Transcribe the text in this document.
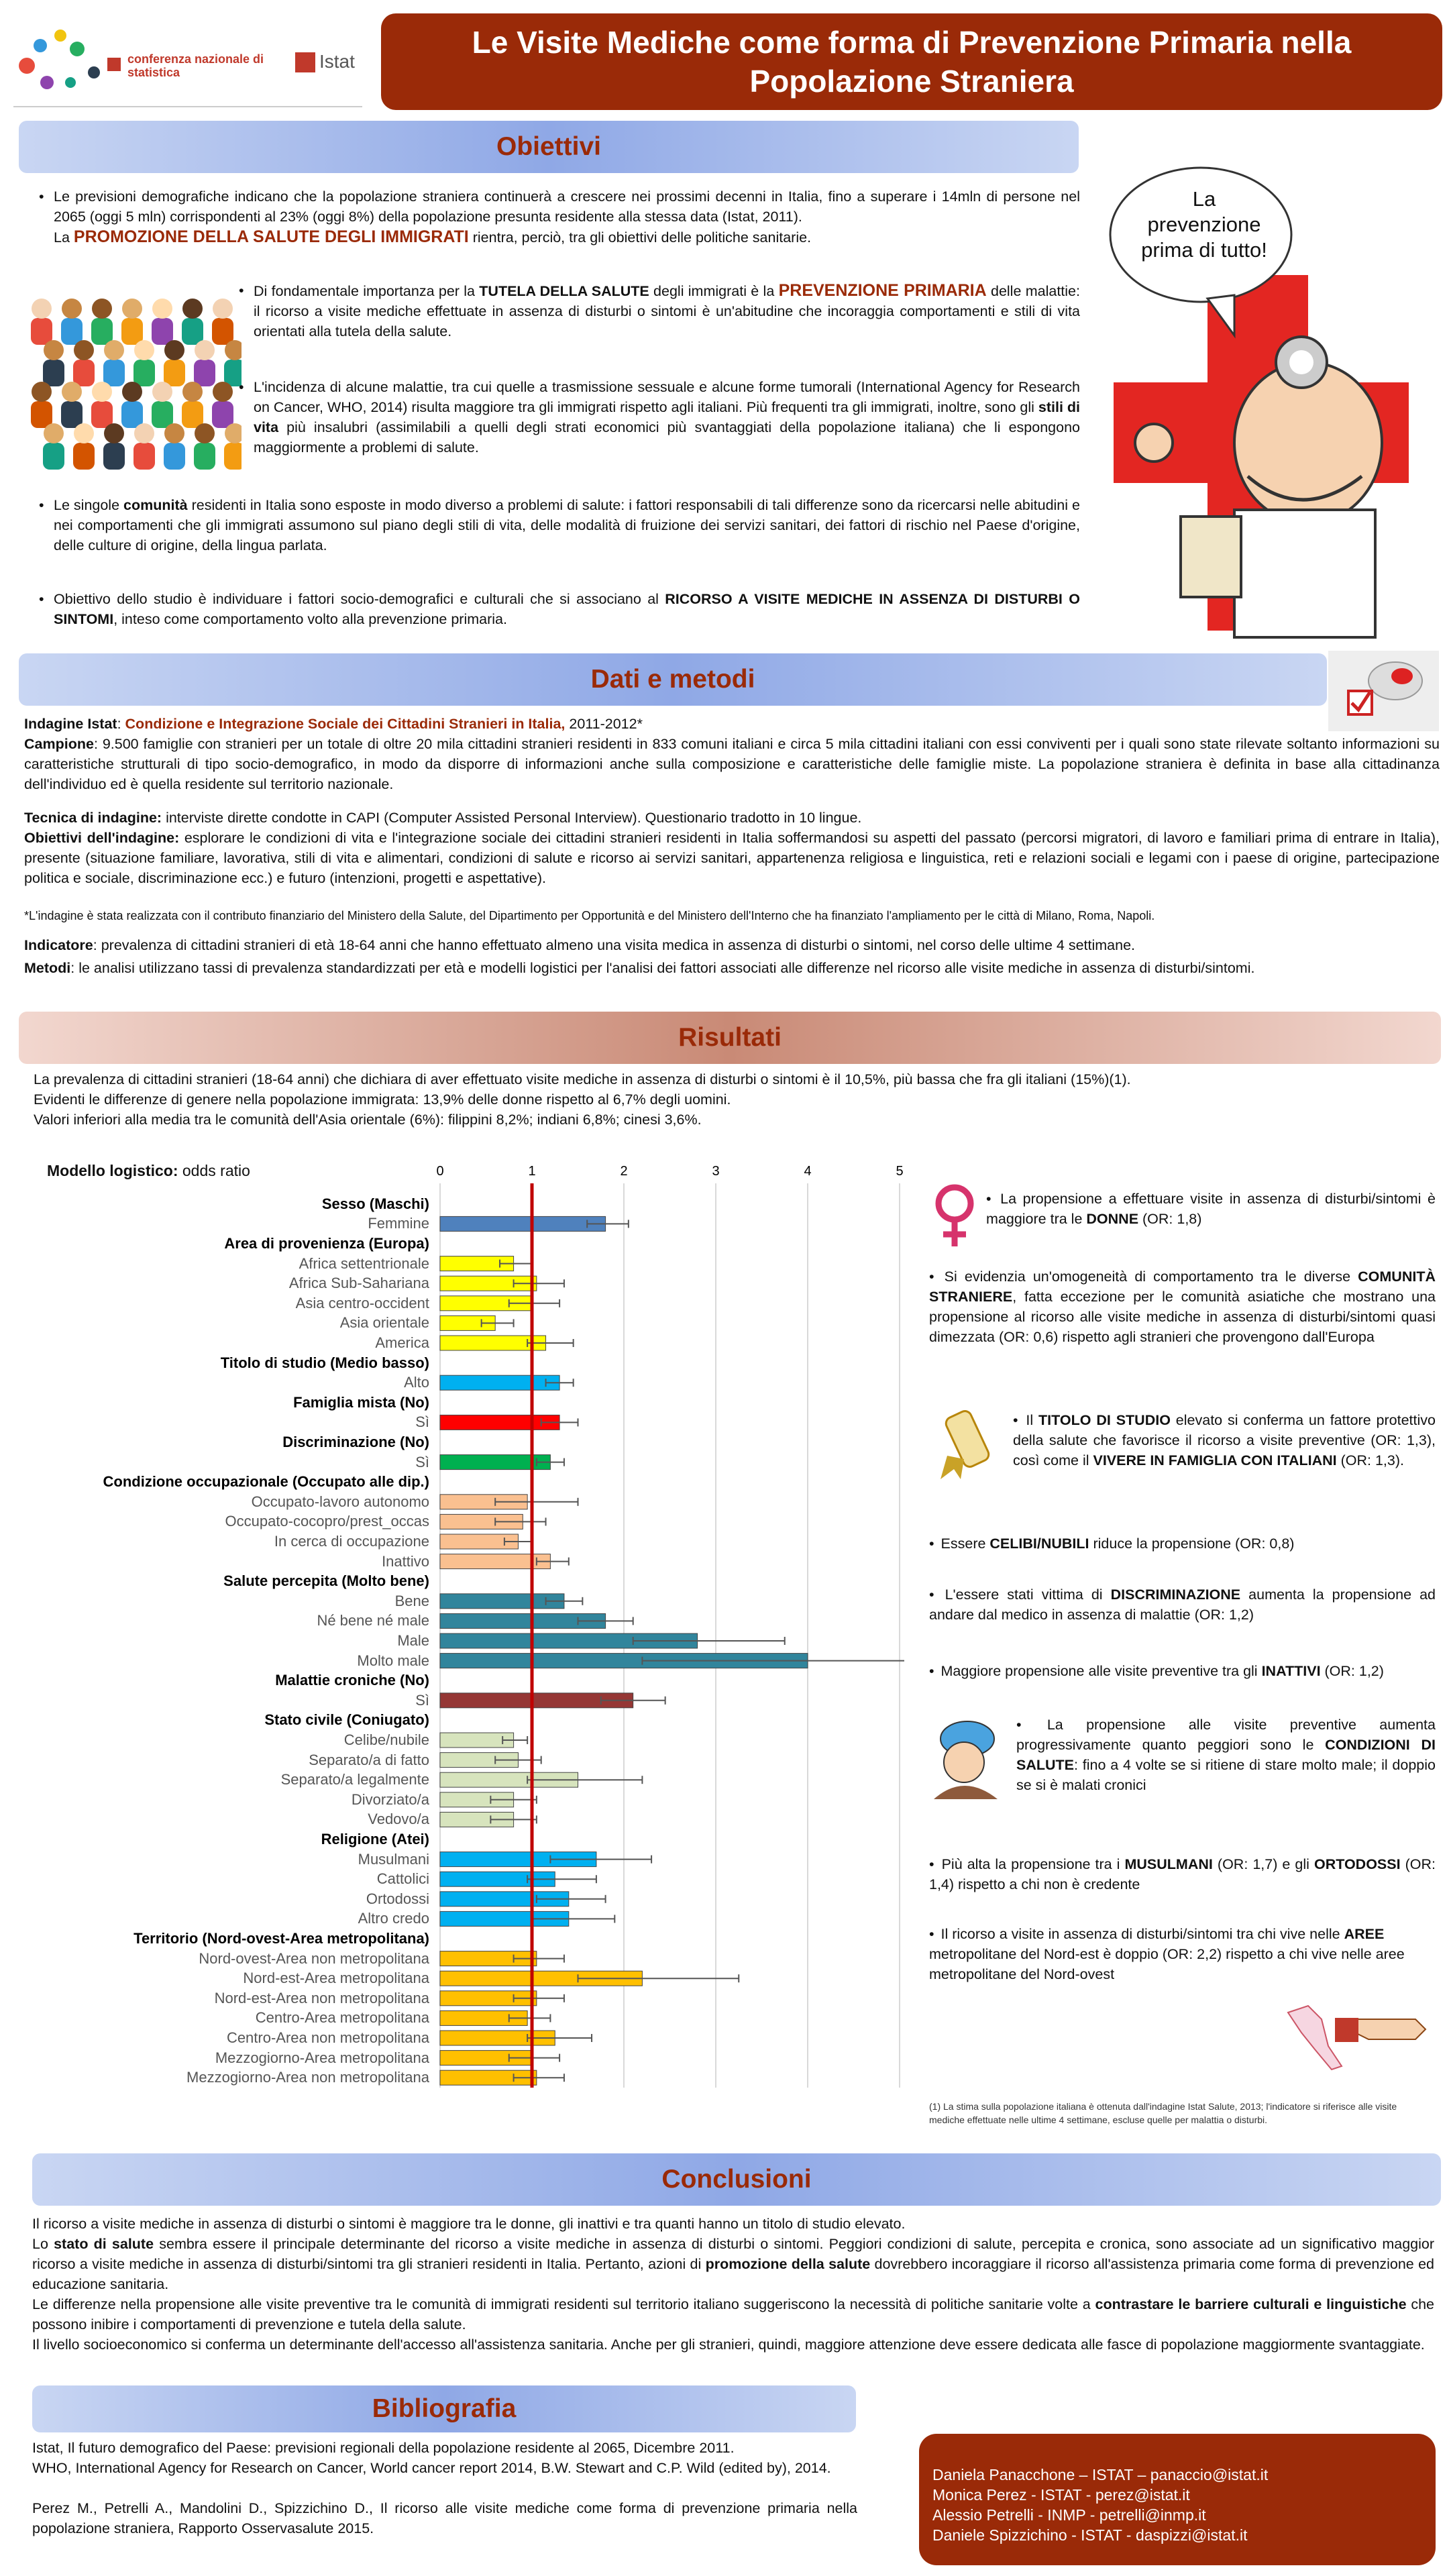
conferenza nazionale di statistica
Istat
Le Visite Mediche come forma di Prevenzione Primaria nella
Popolazione Straniera
Obiettivi
• Le previsioni demografiche indicano che la popolazione straniera continuerà a crescere nei prossimi decenni in Italia, fino a superare i 14mln di persone nel 2065 (oggi 5 mln) corrispondenti al 23% (oggi 8%) della popolazione presunta residente alla stessa data (Istat, 2011).
La PROMOZIONE DELLA SALUTE DEGLI IMMIGRATI rientra, perciò, tra gli obiettivi delle politiche sanitarie.
• Di fondamentale importanza per la TUTELA DELLA SALUTE degli immigrati è la PREVENZIONE PRIMARIA delle malattie: il ricorso a visite mediche effettuate in assenza di disturbi o sintomi è un'abitudine che incoraggia comportamenti e stili di vita orientati alla tutela della salute.
• L'incidenza di alcune malattie, tra cui quelle a trasmissione sessuale e alcune forme tumorali (International Agency for Research on Cancer, WHO, 2014) risulta maggiore tra gli immigrati rispetto agli italiani. Più frequenti tra gli immigrati, inoltre, sono gli stili di vita più insalubri (assimilabili a quelli degli strati economici più svantaggiati della popolazione italiana) che li espongono maggiormente a problemi di salute.
• Le singole comunità residenti in Italia sono esposte in modo diverso a problemi di salute: i fattori responsabili di tali differenze sono da ricercarsi nelle abitudini e nei comportamenti che gli immigrati assumono sul piano degli stili di vita, delle modalità di fruizione dei servizi sanitari, dei fattori di rischio nel Paese d'origine, delle culture di origine, della lingua parlata.
• Obiettivo dello studio è individuare i fattori socio-demografici e culturali che si associano al RICORSO A VISITE MEDICHE IN ASSENZA DI DISTURBI O SINTOMI, inteso come comportamento volto alla prevenzione primaria.
La prevenzione prima di tutto!
Dati e metodi
Indagine Istat: Condizione e Integrazione Sociale dei Cittadini Stranieri in Italia, 2011-2012*
Campione: 9.500 famiglie con stranieri per un totale di oltre 20 mila cittadini stranieri residenti in 833 comuni italiani e circa 5 mila cittadini italiani con essi conviventi per i quali sono state rilevate soltanto informazioni su caratteristiche strutturali di tipo socio-demografico, in modo da disporre di informazioni anche sulla composizione e caratteristiche delle famiglie miste. La popolazione straniera è definita in base alla cittadinanza dell'individuo ed è quella residente sul territorio nazionale.
Tecnica di indagine: interviste dirette condotte in CAPI (Computer Assisted Personal Interview). Questionario tradotto in 10 lingue.
Obiettivi dell'indagine: esplorare le condizioni di vita e l'integrazione sociale dei cittadini stranieri residenti in Italia soffermandosi su aspetti del passato (percorsi migratori, di lavoro e familiari prima di entrare in Italia), presente (situazione familiare, lavorativa, stili di vita e alimentari, condizioni di salute e ricorso ai servizi sanitari, appartenenza religiosa e linguistica, reti e relazioni sociali e legami con i paese di origine, partecipazione politica e sociale, discriminazione ecc.) e futuro (intenzioni, progetti e aspettative).
*L'indagine è stata realizzata con il contributo finanziario del Ministero della Salute, del Dipartimento per Opportunità e del Ministero dell'Interno che ha finanziato l'ampliamento per le città di Milano, Roma, Napoli.
Indicatore: prevalenza di cittadini stranieri di età 18-64 anni che hanno effettuato almeno una visita medica in assenza di disturbi o sintomi, nel corso delle ultime 4 settimane.
Metodi: le analisi utilizzano tassi di prevalenza standardizzati per età e modelli logistici per l'analisi dei fattori associati alle differenze nel ricorso alle visite mediche in assenza di disturbi/sintomi.
Risultati
La prevalenza di cittadini stranieri (18-64 anni) che dichiara di aver effettuato visite mediche in assenza di disturbi o sintomi è il 10,5%, più bassa che fra gli italiani (15%)(1).
Evidenti le differenze di genere nella popolazione immigrata: 13,9% delle donne rispetto al 6,7% degli uomini.
Valori inferiori alla media tra le comunità dell'Asia orientale (6%): filippini 8,2%; indiani 6,8%; cinesi 3,6%.
Modello logistico: odds ratio
Sesso (Maschi)
Femmine
Area di provenienza (Europa)
Africa settentrionale
Africa Sub-Sahariana
Asia centro-occident
Asia orientale
America
Titolo di studio (Medio basso)
Alto
Famiglia mista (No)
Sì
Discriminazione (No)
Sì
Condizione occupazionale (Occupato alle dip.)
Occupato-lavoro autonomo
Occupato-cocopro/prest_occas
In cerca di occupazione
Inattivo
Salute percepita (Molto bene)
Bene
Né bene né male
Male
Molto male
Malattie croniche (No)
Sì
Stato civile (Coniugato)
Celibe/nubile
Separato/a di fatto
Separato/a legalmente
Divorziato/a
Vedovo/a
Religione (Atei)
Musulmani
Cattolici
Ortodossi
Altro credo
Territorio (Nord-ovest-Area metropolitana)
Nord-ovest-Area non metropolitana
Nord-est-Area metropolitana
Nord-est-Area non metropolitana
Centro-Area metropolitana
Centro-Area non metropolitana
Mezzogiorno-Area metropolitana
Mezzogiorno-Area non metropolitana
0	1	2	3	4	5
• La propensione a effettuare visite in assenza di disturbi/sintomi è maggiore tra le DONNE (OR: 1,8)
• Si evidenzia un'omogeneità di comportamento tra le diverse COMUNITÀ STRANIERE, fatta eccezione per le comunità asiatiche che mostrano una propensione al ricorso alle visite mediche in assenza di disturbi/sintomi quasi dimezzata (OR: 0,6) rispetto agli stranieri che provengono dall'Europa
• Il TITOLO DI STUDIO elevato si conferma un fattore protettivo della salute che favorisce il ricorso a visite preventive (OR: 1,3), così come il VIVERE IN FAMIGLIA CON ITALIANI (OR: 1,3).
• Essere CELIBI/NUBILI riduce la propensione (OR: 0,8)
• L'essere stati vittima di DISCRIMINAZIONE aumenta la propensione ad andare dal medico in assenza di malattie (OR: 1,2)
• Maggiore propensione alle visite preventive tra gli INATTIVI (OR: 1,2)
• La propensione alle visite preventive aumenta progressivamente quanto peggiori sono le CONDIZIONI DI SALUTE: fino a 4 volte se si ritiene di stare molto male; il doppio se si è malati cronici
• Più alta la propensione tra i MUSULMANI (OR: 1,7) e gli ORTODOSSI (OR: 1,4) rispetto a chi non è credente
• Il ricorso a visite in assenza di disturbi/sintomi tra chi vive nelle AREE metropolitane del Nord-est è doppio (OR: 2,2) rispetto a chi vive nelle aree metropolitane del Nord-ovest
(1) La stima sulla popolazione italiana è ottenuta dall'indagine Istat Salute, 2013; l'indicatore si riferisce alle visite mediche effettuate nelle ultime 4 settimane, escluse quelle per malattia o disturbi.
Conclusioni
Il ricorso a visite mediche in assenza di disturbi o sintomi è maggiore tra le donne, gli inattivi e tra quanti hanno un titolo di studio elevato.
Lo stato di salute sembra essere il principale determinante del ricorso a visite mediche in assenza di disturbi o sintomi. Peggiori condizioni di salute, percepita e cronica, sono associate ad un significativo maggior ricorso a visite mediche in assenza di disturbi/sintomi tra gli stranieri residenti in Italia. Pertanto, azioni di promozione della salute dovrebbero incoraggiare il ricorso all'assistenza primaria come forma di prevenzione ed educazione sanitaria.
Le differenze nella propensione alle visite preventive tra le comunità di immigrati residenti sul territorio italiano suggeriscono la necessità di politiche sanitarie volte a contrastare le barriere culturali e linguistiche che possono inibire i comportamenti di prevenzione e tutela della salute.
Il livello socioeconomico si conferma un determinante dell'accesso all'assistenza sanitaria. Anche per gli stranieri, quindi, maggiore attenzione deve essere dedicata alle fasce di popolazione maggiormente svantaggiate.
Bibliografia
Istat, Il futuro demografico del Paese: previsioni regionali della popolazione residente al 2065, Dicembre 2011.
WHO, International Agency for Research on Cancer, World cancer report 2014, B.W. Stewart and C.P. Wild (edited by), 2014.
Perez M., Petrelli A., Mandolini D., Spizzichino D., Il ricorso alle visite mediche come forma di prevenzione primaria nella popolazione straniera, Rapporto Osservasalute 2015.
Daniela Panacchone – ISTAT – panaccio@istat.it
Monica Perez - ISTAT - perez@istat.it
Alessio Petrelli - INMP - petrelli@inmp.it
Daniele Spizzichino - ISTAT - daspizzi@istat.it
